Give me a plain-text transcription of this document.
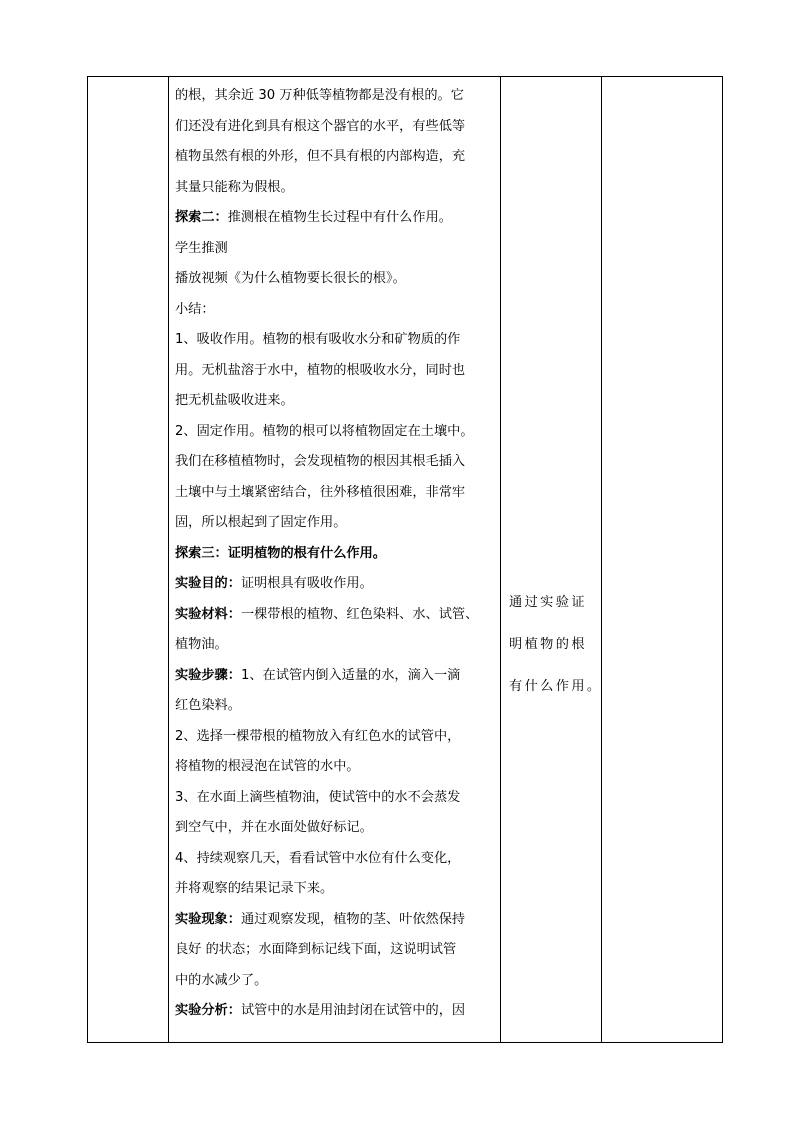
的根，其余近 30 万种低等植物都是没有根的。它

们还没有进化到具有根这个器官的水平，有些低等

植物虽然有根的外形，但不具有根的内部构造，充

其量只能称为假根。

探索二：推测根在植物生长过程中有什么作用。

学生推测

播放视频《为什么植物要长很长的根》。

小结：

1、吸收作用。植物的根有吸收水分和矿物质的作

用。无机盐溶于水中，植物的根吸收水分，同时也

把无机盐吸收进来。

2、固定作用。植物的根可以将植物固定在土壤中。

我们在移植植物时，会发现植物的根因其根毛插入

土壤中与土壤紧密结合，往外移植很困难，非常牢

固，所以根起到了固定作用。

探索三：证明植物的根有什么作用。

实验目的：证明根具有吸收作用。

实验材料：一棵带根的植物、红色染料、水、试管、

植物油。

实验步骤：1、在试管内倒入适量的水，滴入一滴

红色染料。

2、选择一棵带根的植物放入有红色水的试管中，

将植物的根浸泡在试管的水中。

3、在水面上滴些植物油，使试管中的水不会蒸发

到空气中，并在水面处做好标记。

4、持续观察几天，看看试管中水位有什么变化，

并将观察的结果记录下来。

实验现象：通过观察发现，植物的茎、叶依然保持

良好 的状态；水面降到标记线下面，这说明试管

中的水减少了。

实验分析：试管中的水是用油封闭在试管中的，因

通过实验证

明植物的根

有什么作用。
